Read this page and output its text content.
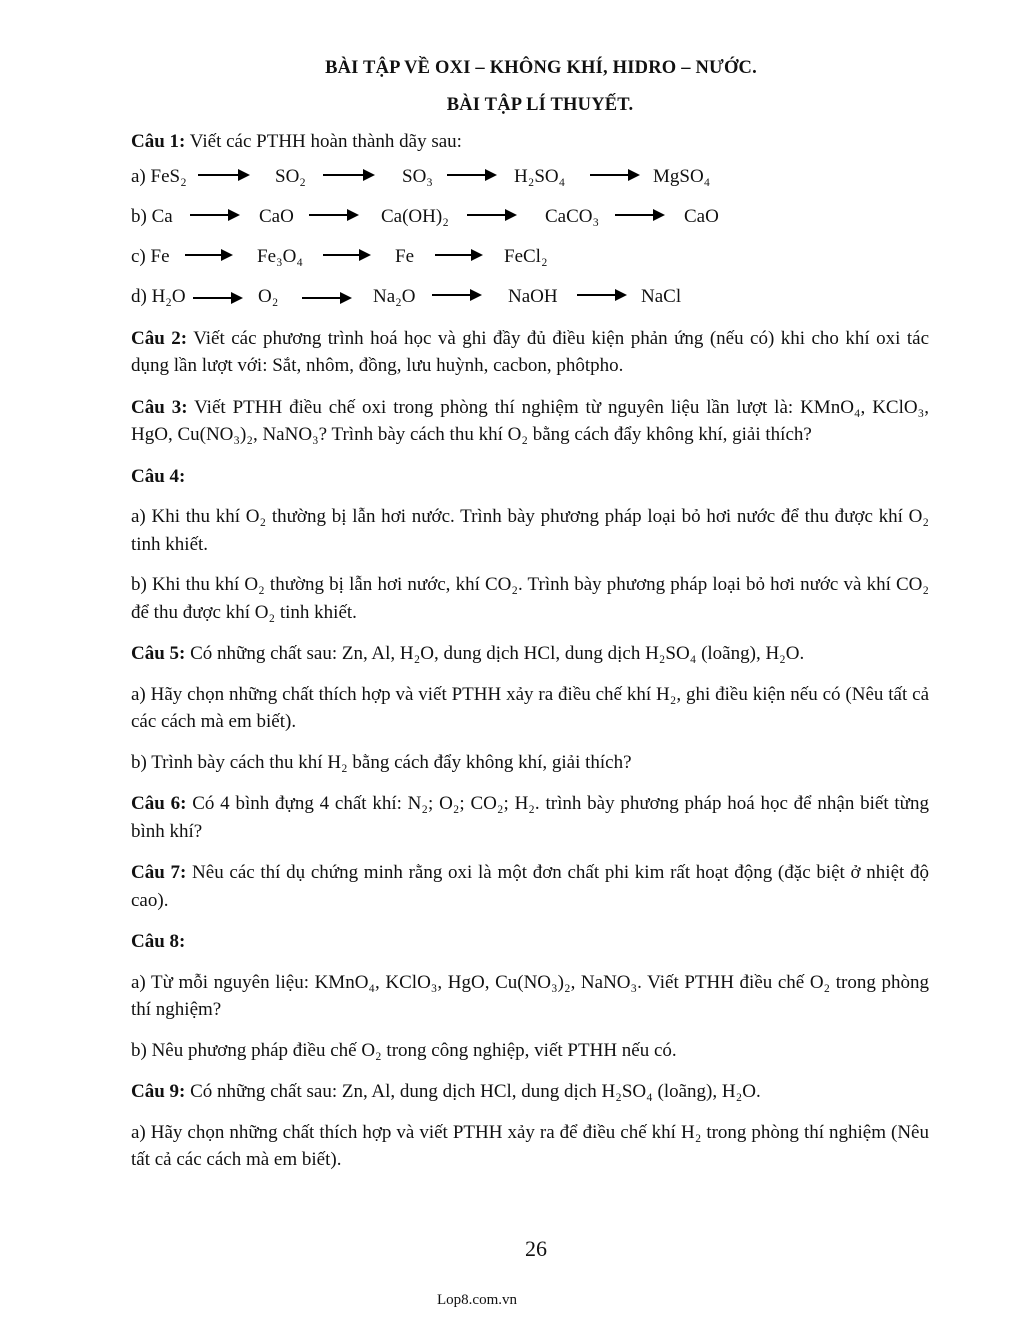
BÀI TẬP VỀ OXI – KHÔNG KHÍ, HIDRO – NƯỚC.
BÀI TẬP LÍ THUYẾT.

Câu 1: Viết các PTHH hoàn thành dãy sau:

a) FeS₂	SO₂	SO₃	H₂SO₄	MgSO₄
b) Ca	CaO	Ca(OH)₂	CaCO₃	CaO
c) Fe	Fe₃O₄	Fe	FeCl₂
d) H₂O	O₂	Na₂O	NaOH	NaCl

Câu 2: Viết các phương trình hoá học và ghi đầy đủ điều kiện phản ứng (nếu có) khi cho khí oxi tác dụng lần lượt với: Sắt, nhôm, đồng, lưu huỳnh, cacbon, phôtpho.

Câu 3: Viết PTHH điều chế oxi trong phòng thí nghiệm từ nguyên liệu lần lượt là: KMnO₄, KClO₃, HgO, Cu(NO₃)₂, NaNO₃? Trình bày cách thu khí O₂ bằng cách đẩy không khí, giải thích?

Câu 4:

a) Khi thu khí O₂ thường bị lẫn hơi nước. Trình bày phương pháp loại bỏ hơi nước để thu được khí O₂ tinh khiết.

b) Khi thu khí O₂ thường bị lẫn hơi nước, khí CO₂. Trình bày phương pháp loại bỏ hơi nước và khí CO₂ để thu được khí O₂ tinh khiết.

Câu 5: Có những chất sau: Zn, Al, H₂O, dung dịch HCl, dung dịch H₂SO₄ (loãng), H₂O.

a) Hãy chọn những chất thích hợp và viết PTHH xảy ra điều chế khí H₂, ghi điều kiện nếu có (Nêu tất cả các cách mà em biết).

b) Trình bày cách thu khí H₂ bằng cách đẩy không khí, giải thích?

Câu 6: Có 4 bình đựng 4 chất khí: N₂; O₂; CO₂; H₂. trình bày phương pháp hoá học để nhận biết từng bình khí?

Câu 7: Nêu các thí dụ chứng minh rằng oxi là một đơn chất phi kim rất hoạt động (đặc biệt ở nhiệt độ cao).

Câu 8:

a) Từ mỗi nguyên liệu: KMnO₄, KClO₃, HgO, Cu(NO₃)₂, NaNO₃. Viết PTHH điều chế O₂ trong phòng thí nghiệm?

b) Nêu phương pháp điều chế O₂ trong công nghiệp, viết PTHH nếu có.

Câu 9: Có những chất sau: Zn, Al, dung dịch HCl, dung dịch H₂SO₄ (loãng), H₂O.

a) Hãy chọn những chất thích hợp và viết PTHH xảy ra để điều chế khí H₂ trong phòng thí nghiệm (Nêu tất cả các cách mà em biết).

26
Lop8.com.vn
